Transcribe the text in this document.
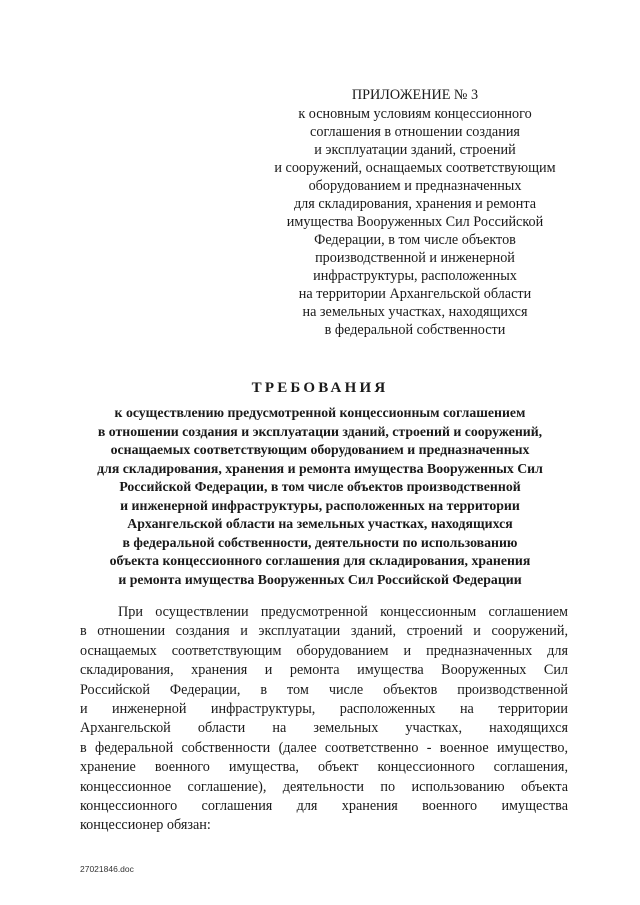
ПРИЛОЖЕНИЕ № 3
к основным условиям концессионного
соглашения в отношении создания
и эксплуатации зданий, строений
и сооружений, оснащаемых соответствующим
оборудованием и предназначенных
для складирования, хранения и ремонта
имущества Вооруженных Сил Российской
Федерации, в том числе объектов
производственной и инженерной
инфраструктуры, расположенных
на территории Архангельской области
на земельных участках, находящихся
в федеральной собственности
ТРЕБОВАНИЯ
к осуществлению предусмотренной концессионным соглашением
в отношении создания и эксплуатации зданий, строений и сооружений,
оснащаемых соответствующим оборудованием и предназначенных
для складирования, хранения и ремонта имущества Вооруженных Сил
Российской Федерации, в том числе объектов производственной
и инженерной инфраструктуры, расположенных на территории
Архангельской области на земельных участках, находящихся
в федеральной собственности, деятельности по использованию
объекта концессионного соглашения для складирования, хранения
и ремонта имущества Вооруженных Сил Российской Федерации
При осуществлении предусмотренной концессионным соглашением
в отношении создания и эксплуатации зданий, строений и сооружений,
оснащаемых соответствующим оборудованием и предназначенных для
складирования, хранения и ремонта имущества Вооруженных Сил
Российской Федерации, в том числе объектов производственной
и инженерной инфраструктуры, расположенных на территории
Архангельской области на земельных участках, находящихся
в федеральной собственности (далее соответственно - военное имущество,
хранение военного имущества, объект концессионного соглашения,
концессионное соглашение), деятельности по использованию объекта
концессионного соглашения для хранения военного имущества
концессионер обязан:
27021846.doc
